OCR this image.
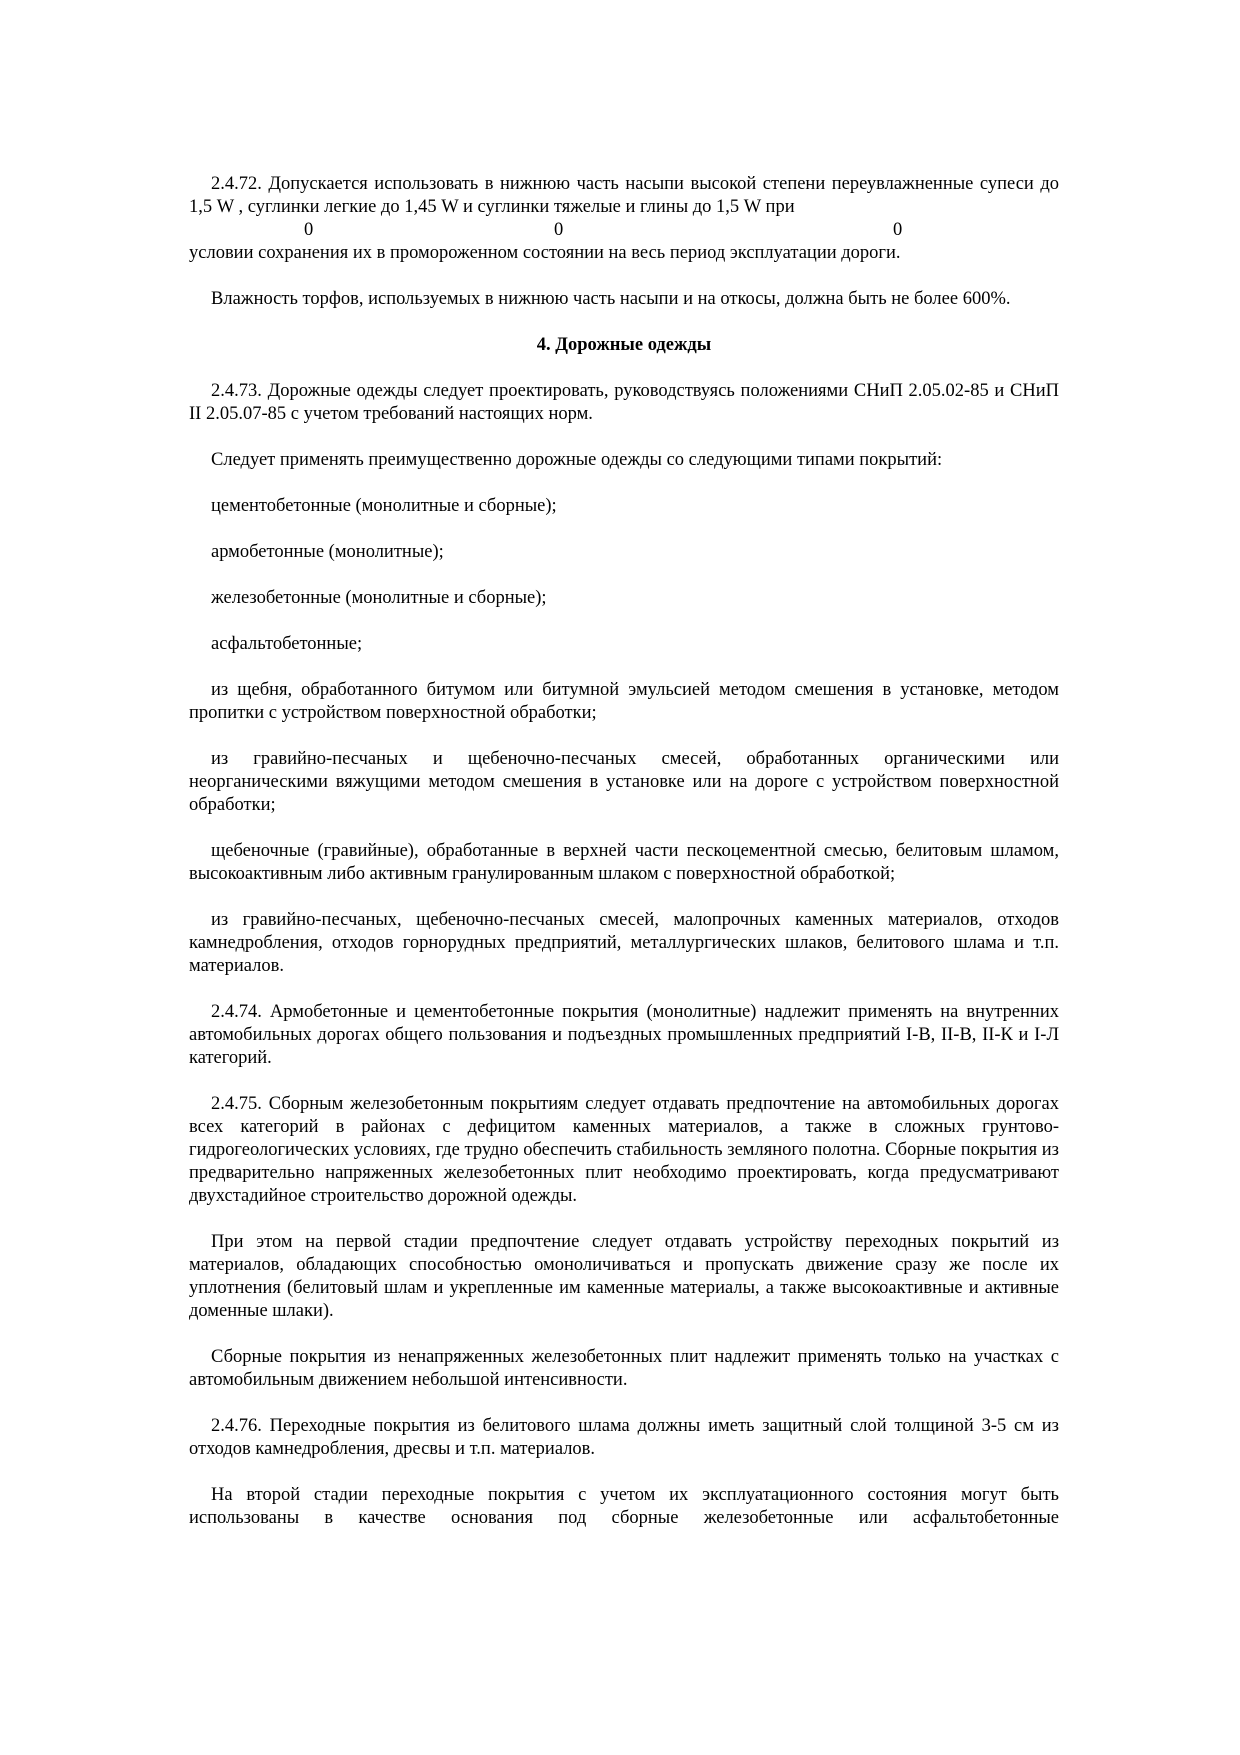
2.4.72. Допускается использовать в нижнюю часть насыпи высокой степени переувлажненные супеси до 1,5 W , суглинки легкие до 1,45 W и суглинки тяжелые и глины до 1,5 W при

0	0	0

условии сохранения их в промороженном состоянии на весь период эксплуатации дороги.

Влажность торфов, используемых в нижнюю часть насыпи и на откосы, должна быть не более 600%.

4. Дорожные одежды

2.4.73. Дорожные одежды следует проектировать, руководствуясь положениями СНиП 2.05.02-85 и СНиП II 2.05.07-85 с учетом требований настоящих норм.

Следует применять преимущественно дорожные одежды со следующими типами покрытий:

цементобетонные (монолитные и сборные);

армобетонные (монолитные);

железобетонные (монолитные и сборные);

асфальтобетонные;

из щебня, обработанного битумом или битумной эмульсией методом смешения в установке, методом пропитки с устройством поверхностной обработки;

из гравийно-песчаных и щебеночно-песчаных смесей, обработанных органическими или неорганическими вяжущими методом смешения в установке или на дороге с устройством поверхностной обработки;

щебеночные (гравийные), обработанные в верхней части пескоцементной смесью, белитовым шламом, высокоактивным либо активным гранулированным шлаком с поверхностной обработкой;

из гравийно-песчаных, щебеночно-песчаных смесей, малопрочных каменных материалов, отходов камнедробления, отходов горнорудных предприятий, металлургических шлаков, белитового шлама и т.п. материалов.

2.4.74. Армобетонные и цементобетонные покрытия (монолитные) надлежит применять на внутренних автомобильных дорогах общего пользования и подъездных промышленных предприятий I-В, II-В, II-К и I-Л категорий.

2.4.75. Сборным железобетонным покрытиям следует отдавать предпочтение на автомобильных дорогах всех категорий в районах с дефицитом каменных материалов, а также в сложных грунтово-гидрогеологических условиях, где трудно обеспечить стабильность земляного полотна. Сборные покрытия из предварительно напряженных железобетонных плит необходимо проектировать, когда предусматривают двухстадийное строительство дорожной одежды.

При этом на первой стадии предпочтение следует отдавать устройству переходных покрытий из материалов, обладающих способностью омоноличиваться и пропускать движение сразу же после их уплотнения (белитовый шлам и укрепленные им каменные материалы, а также высокоактивные и активные доменные шлаки).

Сборные покрытия из ненапряженных железобетонных плит надлежит применять только на участках с автомобильным движением небольшой интенсивности.

2.4.76. Переходные покрытия из белитового шлама должны иметь защитный слой толщиной 3-5 см из отходов камнедробления, дресвы и т.п. материалов.

На второй стадии переходные покрытия с учетом их эксплуатационного состояния могут быть использованы в качестве основания под сборные железобетонные или асфальтобетонные
